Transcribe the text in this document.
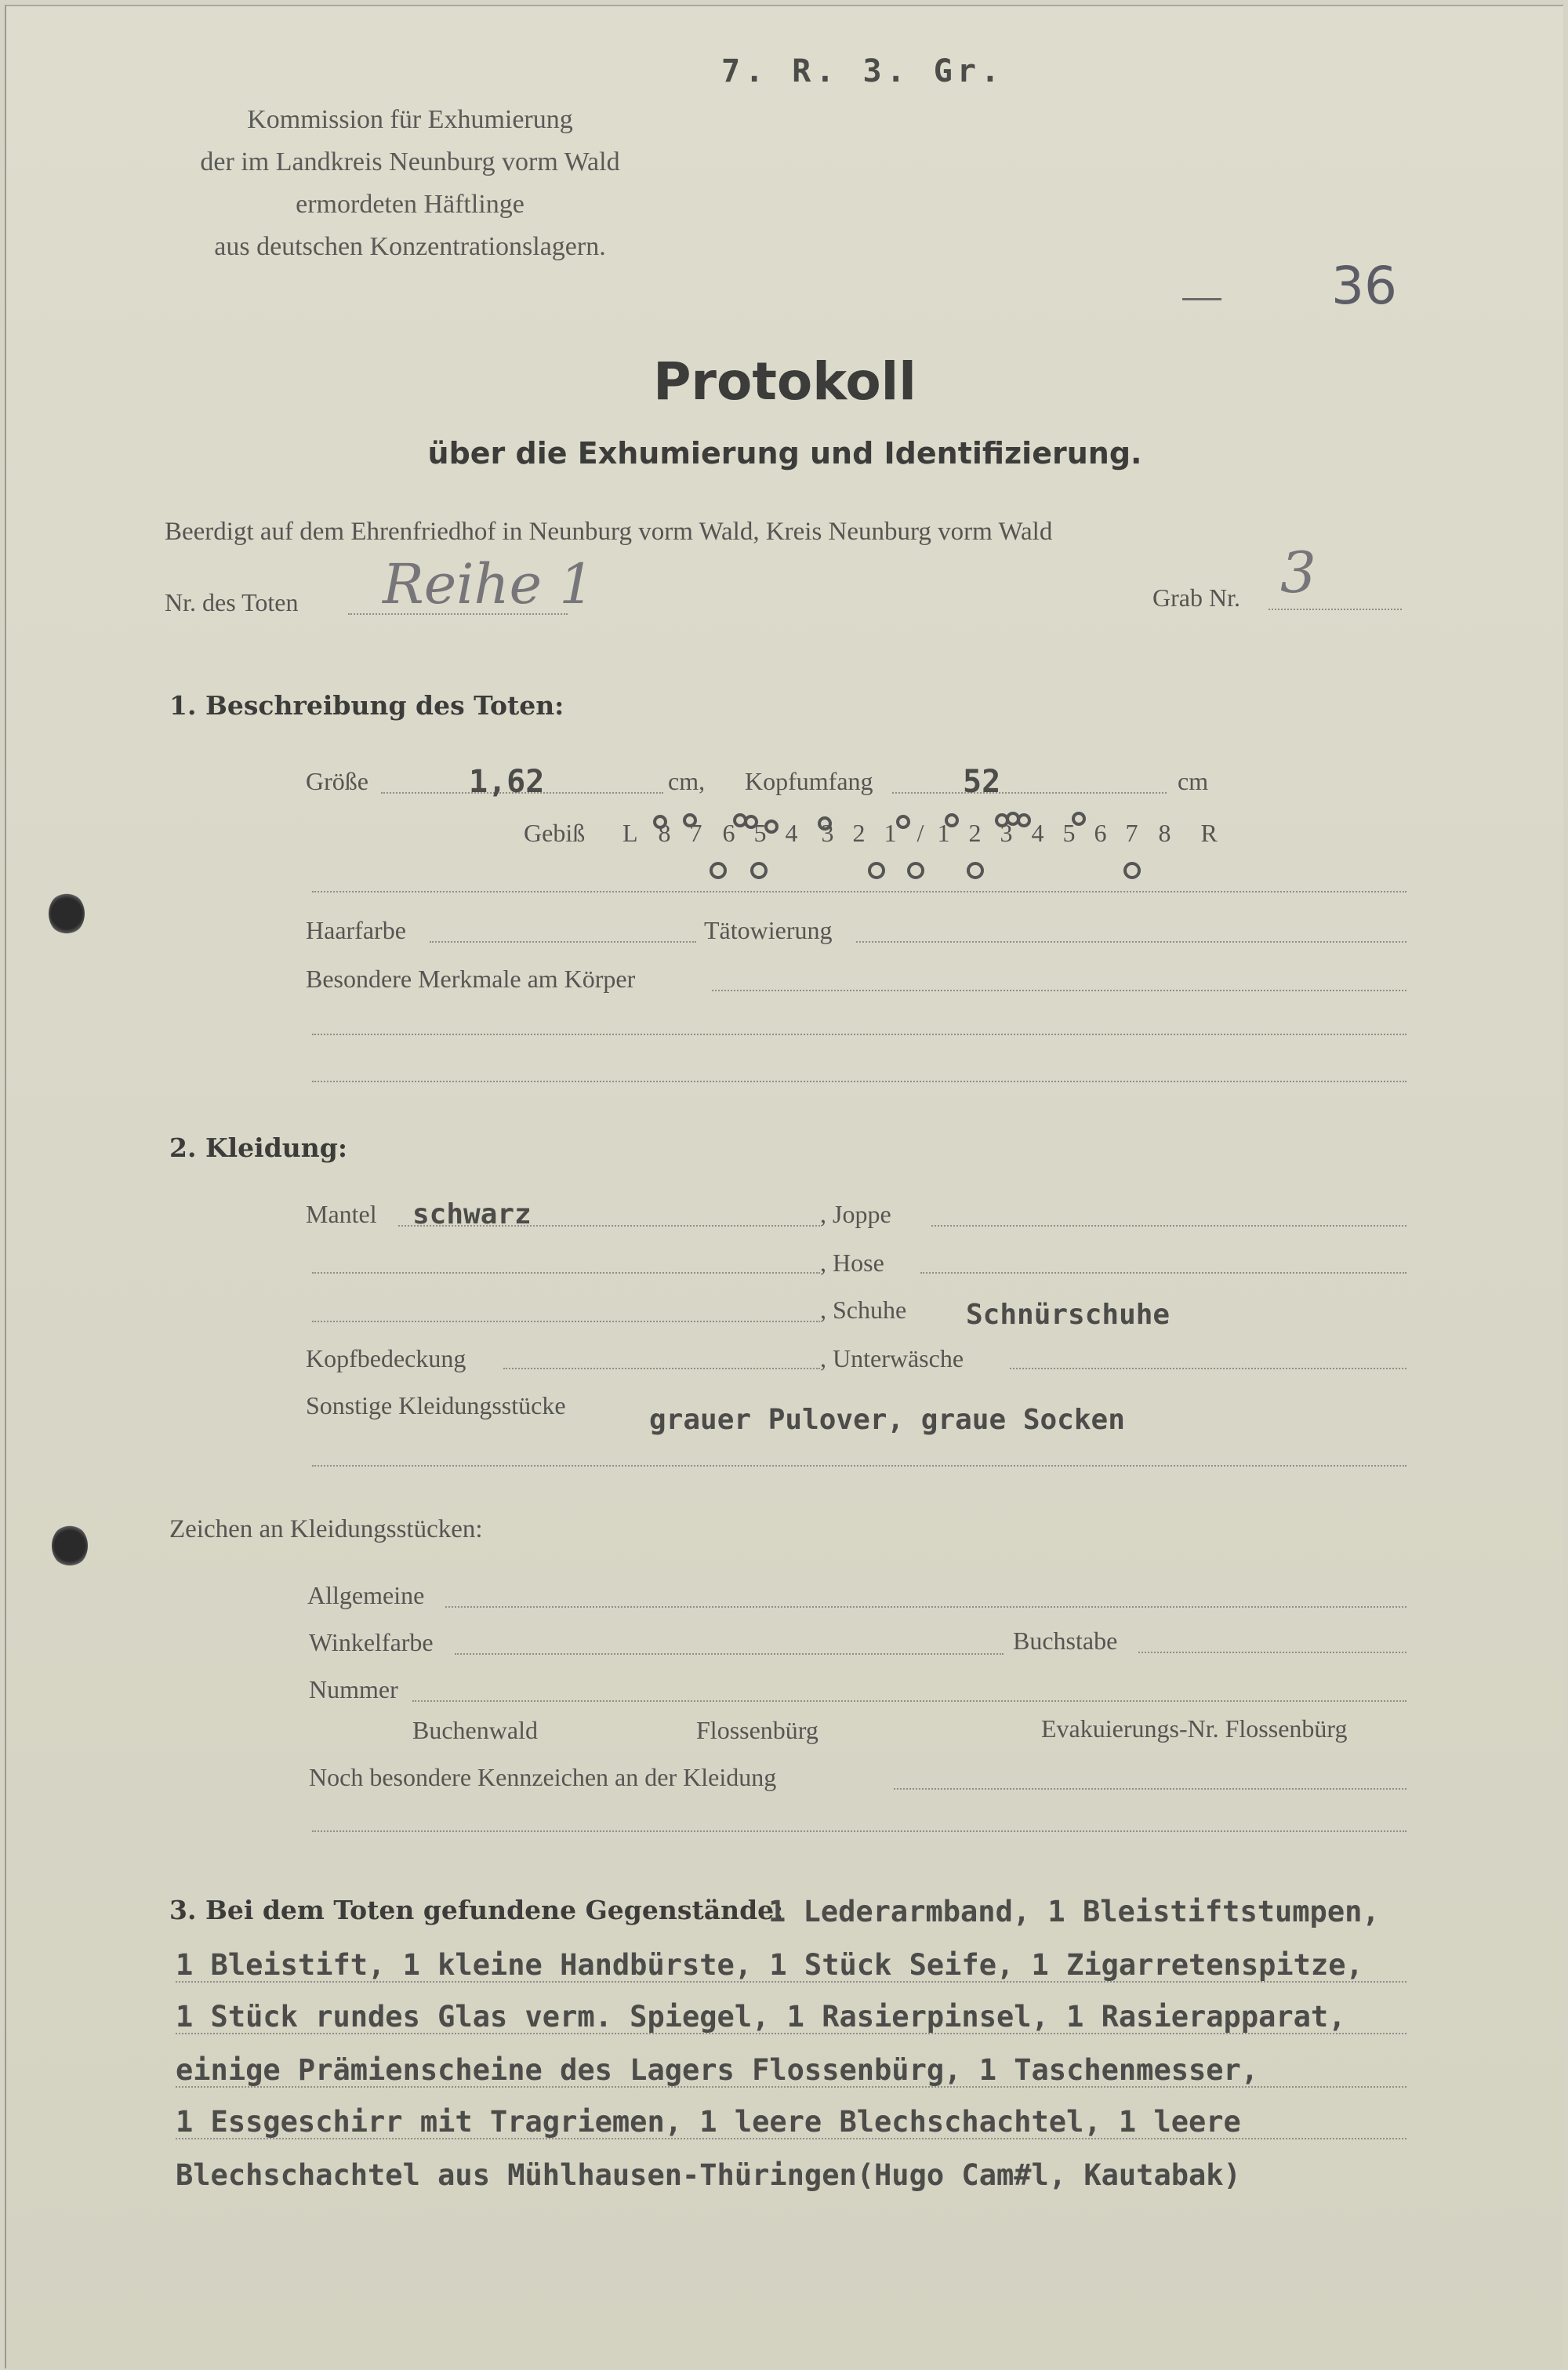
7. R. 3. Gr.
Kommission für Exhumierung
der im Landkreis Neunburg vorm Wald
ermordeten Häftlinge
aus deutschen Konzentrationslagern.
36
Protokoll
über die Exhumierung und Identifizierung.
Beerdigt auf dem Ehrenfriedhof in Neunburg vorm Wald, Kreis Neunburg vorm Wald
Nr. des Toten Reihe 1	Grab Nr. 3
1. Beschreibung des Toten:
Größe	1,62	cm, Kopfumfang	52	cm
Gebiß L 8 7 6 5 4 3 2 1 / 1 2 3 4 5 6 7 8 R
Haarfarbe	Tätowierung
Besondere Merkmale am Körper
2. Kleidung:
Mantel schwarz	, Joppe
, Hose
, Schuhe Schnürschuhe
Kopfbedeckung	, Unterwäsche
Sonstige Kleidungsstücke	grauer Pulover, graue Socken
Zeichen an Kleidungsstücken:
Allgemeine
Winkelfarbe	Buchstabe
Nummer
Buchenwald	Flossenbürg	Evakuierungs-Nr. Flossenbürg
Noch besondere Kennzeichen an der Kleidung
3. Bei dem Toten gefundene Gegenstände:
1 Lederarmband, 1 Bleistiftstumpen,
1 Bleistift, 1 kleine Handbürste, 1 Stück Seife, 1 Zigarretenspitze,
1 Stück rundes Glas verm. Spiegel, 1 Rasierpinsel, 1 Rasierapparat,
einige Prämienscheine des Lagers Flossenbürg, 1 Taschenmesser,
1 Essgeschirr mit Tragriemen, 1 leere Blechschachtel, 1 leere
Blechschachtel aus Mühlhausen-Thüringen(Hugo Cam#l, Kautabak)
